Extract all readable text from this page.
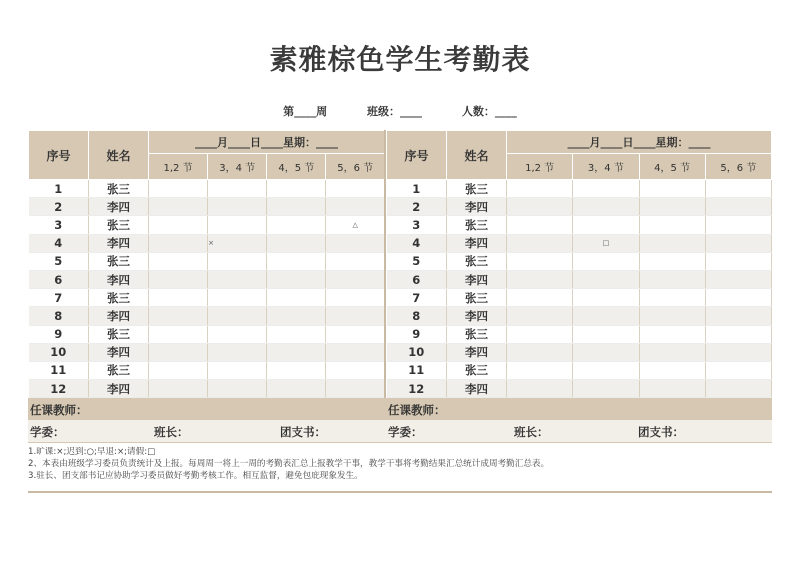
素雅棕色学生考勤表
第____周	班级：____	人数：____
序号	姓名	____月____日____星期：____			
		1,2 节	3，4 节	4，5 节	5，6 节
1	张三				
2	李四				
3	张三				△
4	李四		×		
5	张三				
6	李四				
7	张三				
8	李四				
9	张三				
10	李四				
11	张三				
12	李四				
序号	姓名	____月____日____星期：____			
		1,2 节	3，4 节	4，5 节	5，6 节
1	张三				
2	李四				
3	张三				
4	李四		□		
5	张三				
6	李四				
7	张三				
8	李四				
9	张三				
10	李四				
11	张三				
12	李四				
任课教师：	任课教师：
学委：	班长：	团支书：	学委：	班长：	团支书：
1.旷课:×;迟到:○;早退:×;请假:□
2、本表由班级学习委员负责统计及上报。每周周一将上一周的考勤表汇总上报教学干事，教学干事将考勤结果汇总统计成周考勤汇总表。
3.驻长、团支部书记应协助学习委员做好考勤考核工作。相互监督，避免包庇现象发生。
